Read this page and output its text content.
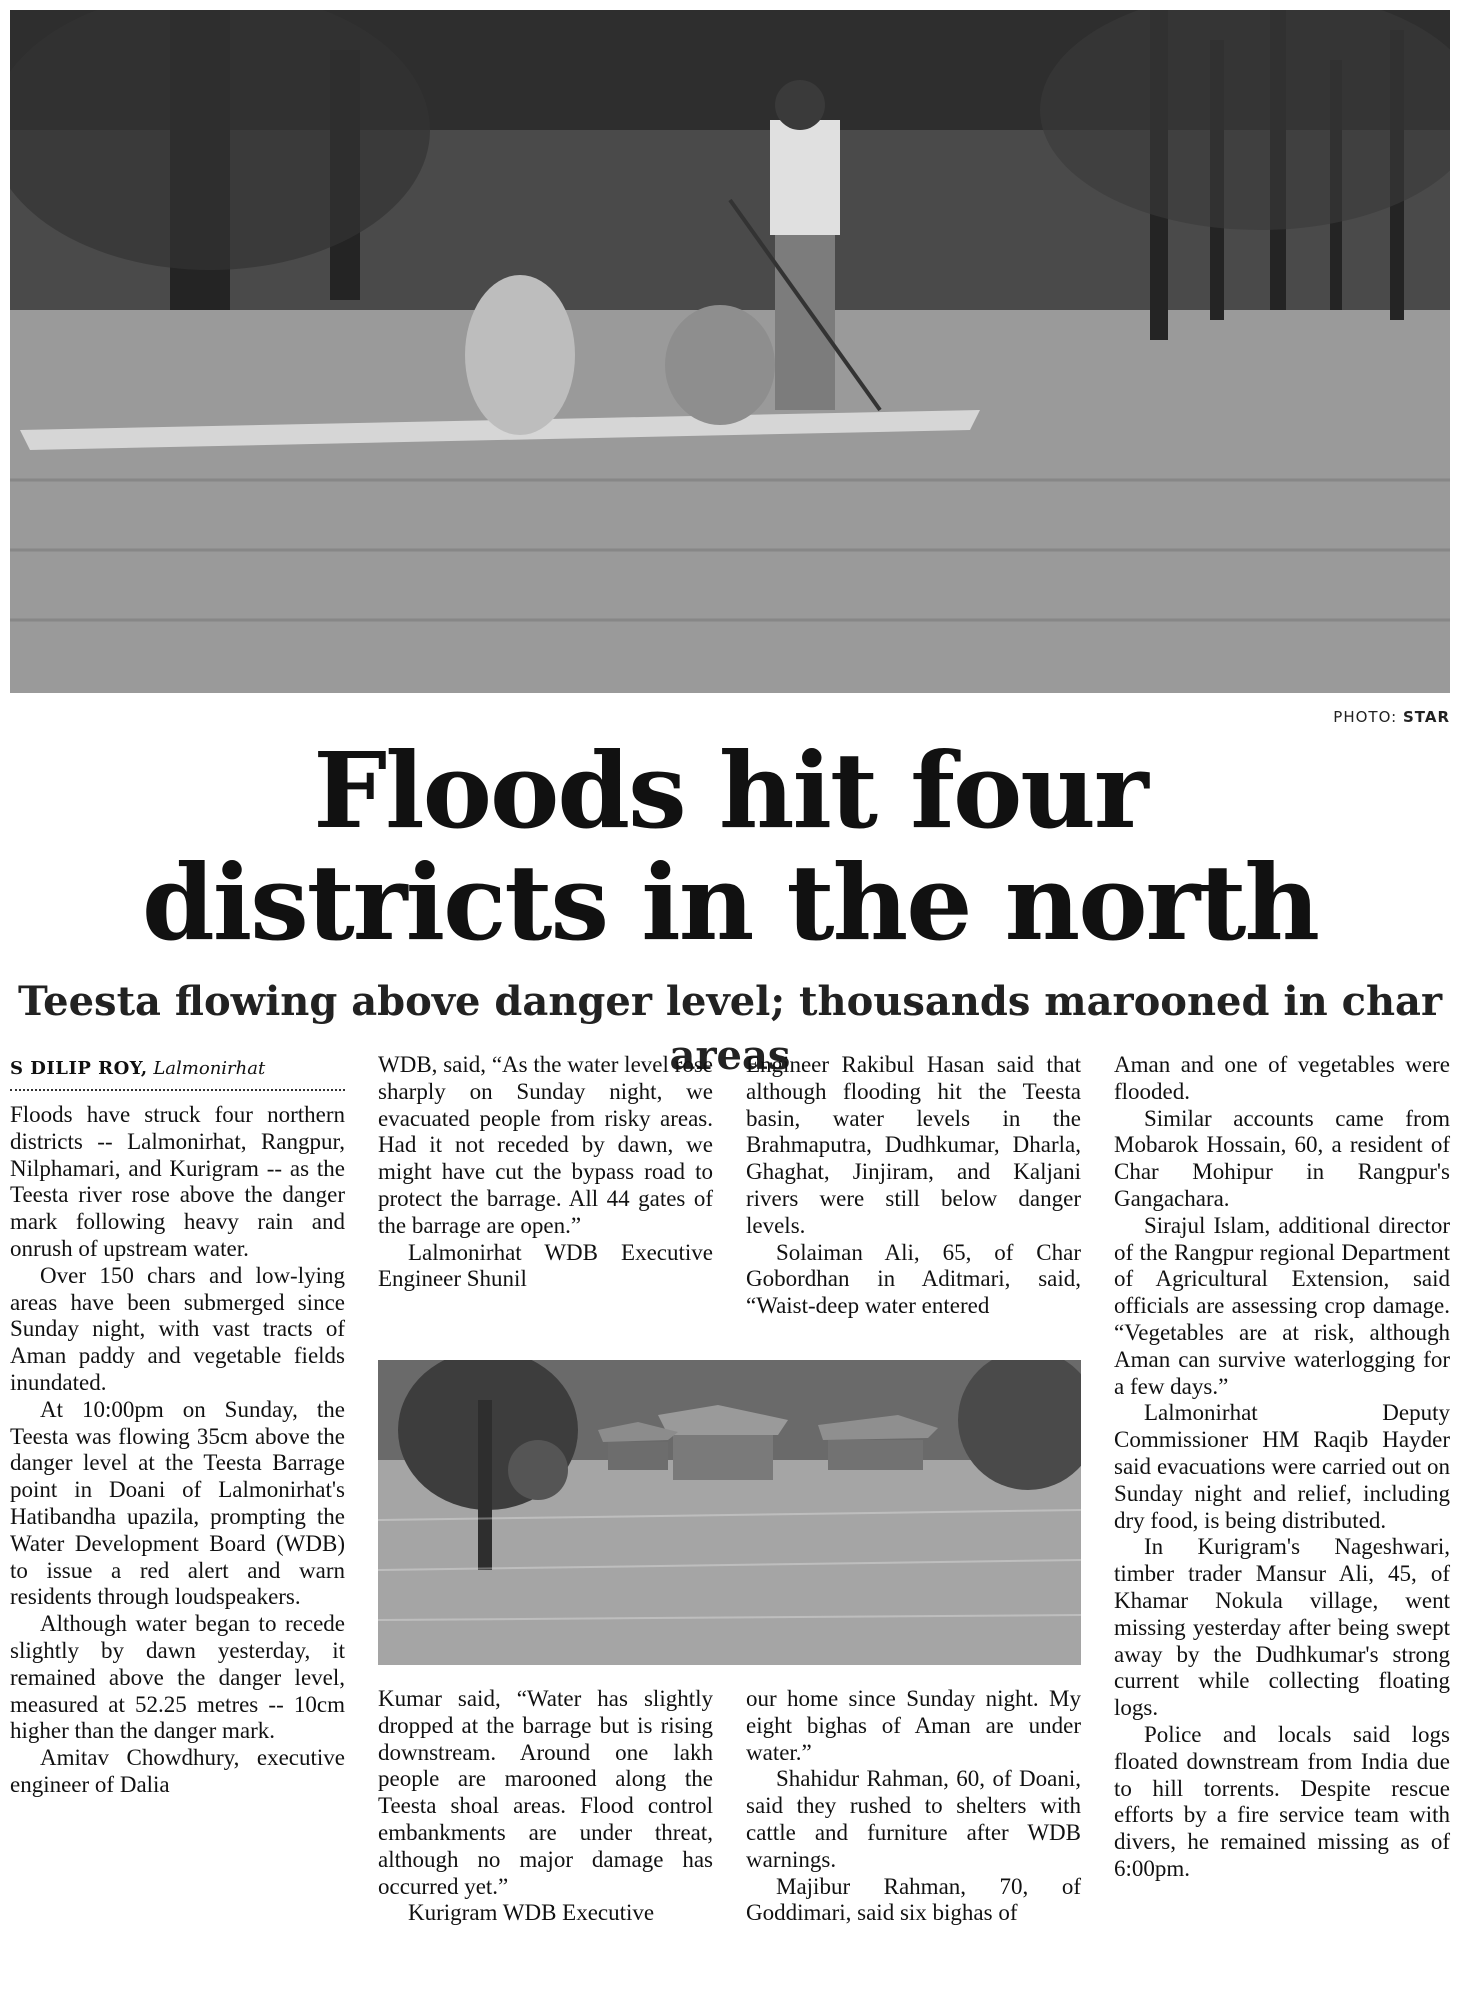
PHOTO: STAR
Floods hit four
districts in the north
Teesta flowing above danger level; thousands marooned in char areas
S DILIP ROY, Lalmonirhat

Floods have struck four northern districts -- Lalmonirhat, Rangpur, Nilphamari, and Kurigram -- as the Teesta river rose above the danger mark following heavy rain and onrush of upstream water.

Over 150 chars and low-lying areas have been submerged since Sunday night, with vast tracts of Aman paddy and vegetable fields inundated.

At 10:00pm on Sunday, the Teesta was flowing 35cm above the danger level at the Teesta Barrage point in Doani of Lalmonirhat's Hatibandha upazila, prompting the Water Development Board (WDB) to issue a red alert and warn residents through loudspeakers.

Although water began to recede slightly by dawn yesterday, it remained above the danger level, measured at 52.25 metres -- 10cm higher than the danger mark.

Amitav Chowdhury, executive engineer of Dalia

WDB, said, “As the water level rose sharply on Sunday night, we evacuated people from risky areas. Had it not receded by dawn, we might have cut the bypass road to protect the barrage. All 44 gates of the barrage are open.”

Lalmonirhat WDB Executive Engineer Shunil

Engineer Rakibul Hasan said that although flooding hit the Teesta basin, water levels in the Brahmaputra, Dudhkumar, Dharla, Ghaghat, Jinjiram, and Kaljani rivers were still below danger levels.

Solaiman Ali, 65, of Char Gobordhan in Aditmari, said, “Waist-deep water entered

Kumar said, “Water has slightly dropped at the barrage but is rising downstream. Around one lakh people are marooned along the Teesta shoal areas. Flood control embankments are under threat, although no major damage has occurred yet.”

Kurigram WDB Executive

our home since Sunday night. My eight bighas of Aman are under water.”

Shahidur Rahman, 60, of Doani, said they rushed to shelters with cattle and furniture after WDB warnings.

Majibur Rahman, 70, of Goddimari, said six bighas of

Aman and one of vegetables were flooded.

Similar accounts came from Mobarok Hossain, 60, a resident of Char Mohipur in Rangpur's Gangachara.

Sirajul Islam, additional director of the Rangpur regional Department of Agricultural Extension, said officials are assessing crop damage. “Vegetables are at risk, although Aman can survive waterlogging for a few days.”

Lalmonirhat Deputy Commissioner HM Raqib Hayder said evacuations were carried out on Sunday night and relief, including dry food, is being distributed.

In Kurigram's Nageshwari, timber trader Mansur Ali, 45, of Khamar Nokula village, went missing yesterday after being swept away by the Dudhkumar's strong current while collecting floating logs.

Police and locals said logs floated downstream from India due to hill torrents. Despite rescue efforts by a fire service team with divers, he remained missing as of 6:00pm.
